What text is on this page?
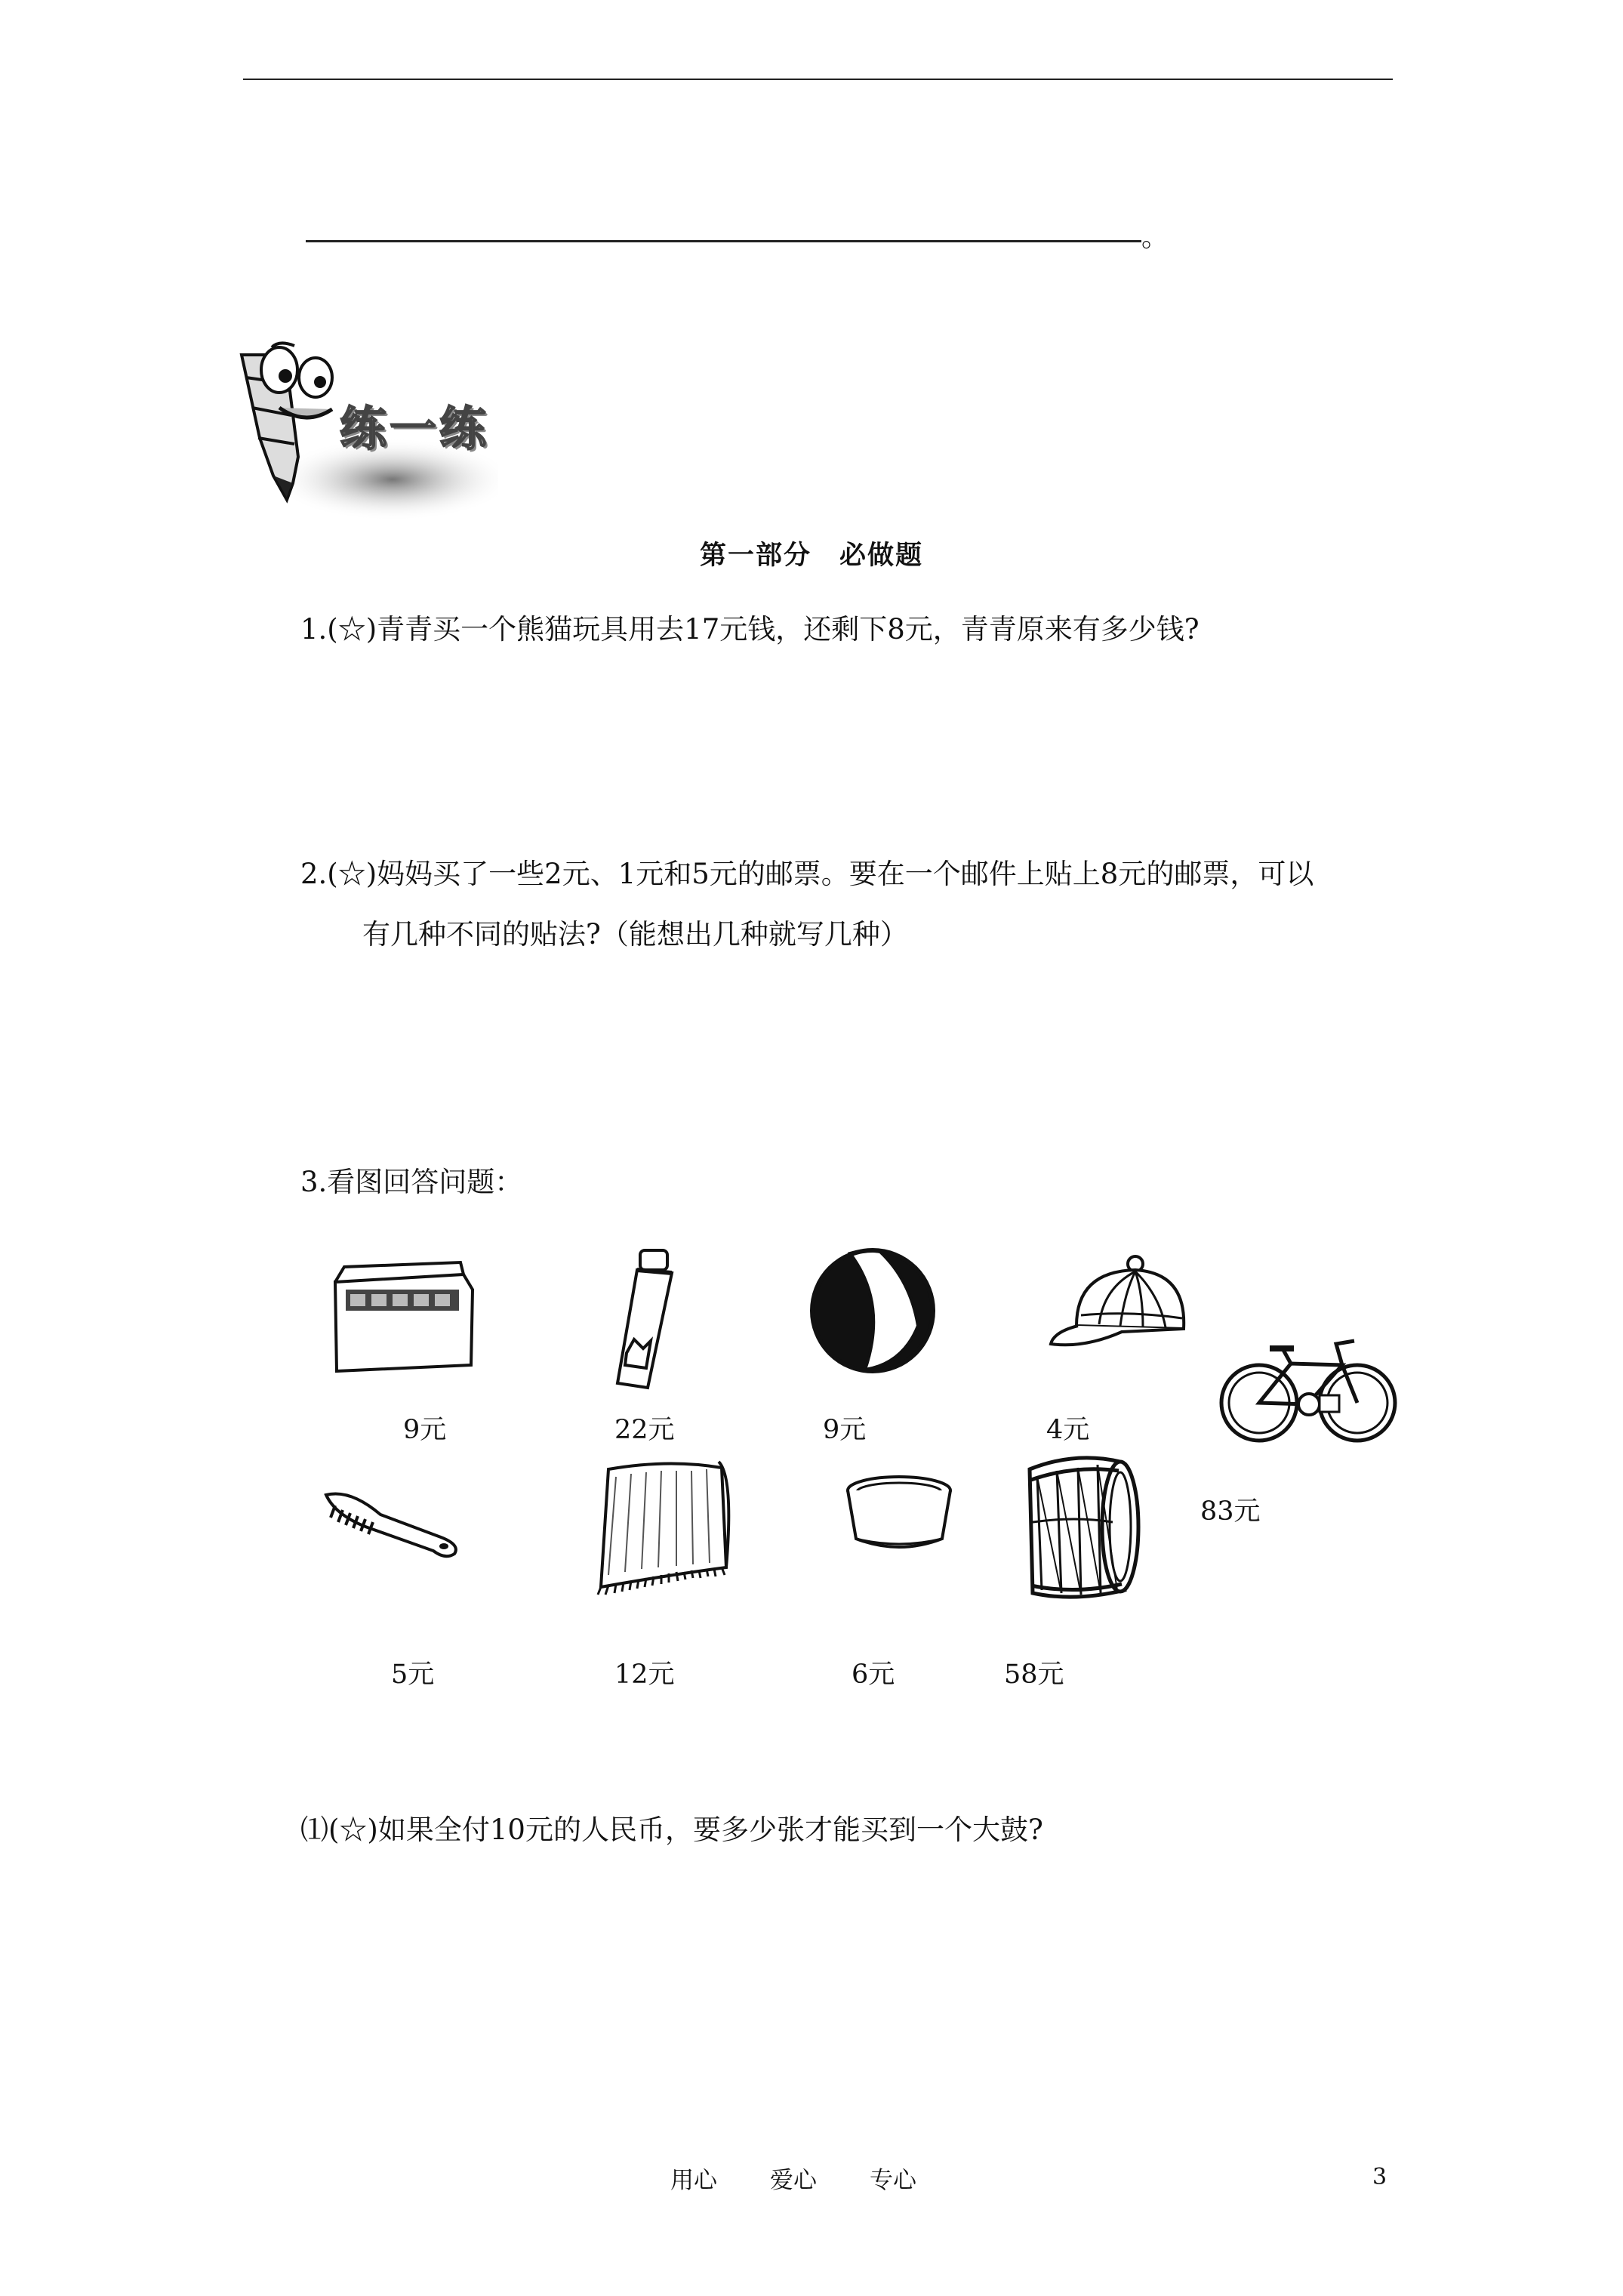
。
练一练
第一部分　必做题
1.(☆)青青买一个熊猫玩具用去17元钱，还剩下8元，青青原来有多少钱?
2.(☆)妈妈买了一些2元、1元和5元的邮票。要在一个邮件上贴上8元的邮票，可以
有几种不同的贴法?（能想出几种就写几种）
3.看图回答问题：
9元	22元	9元	4元
83元
5元	12元	6元	58元
⑴(☆)如果全付10元的人民币，要多少张才能买到一个大鼓?
用心 爱心 专心	3
